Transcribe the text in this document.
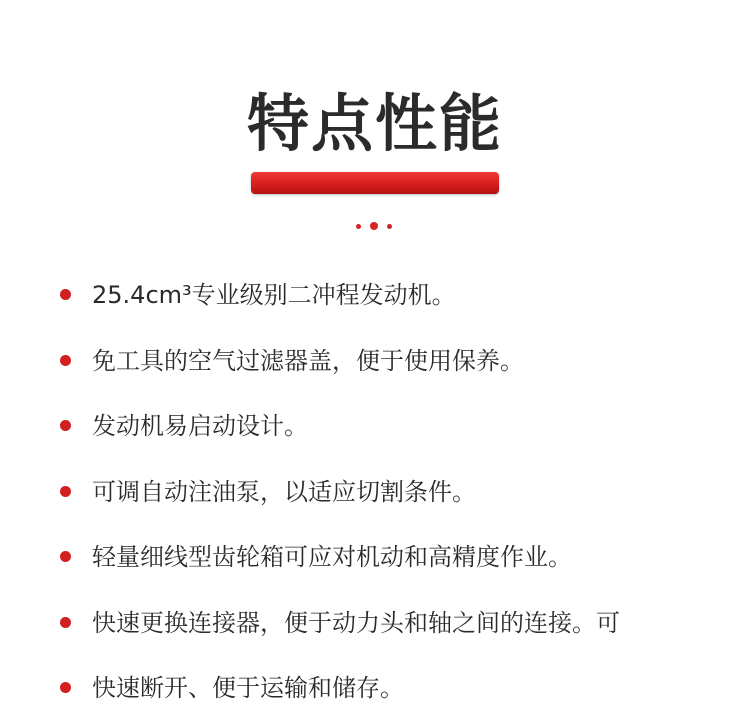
特点性能
25.4cm³专业级别二冲程发动机。
免工具的空气过滤器盖，便于使用保养。
发动机易启动设计。
可调自动注油泵，以适应切割条件。
轻量细线型齿轮箱可应对机动和高精度作业。
快速更换连接器，便于动力头和轴之间的连接。可
快速断开、便于运输和储存。
